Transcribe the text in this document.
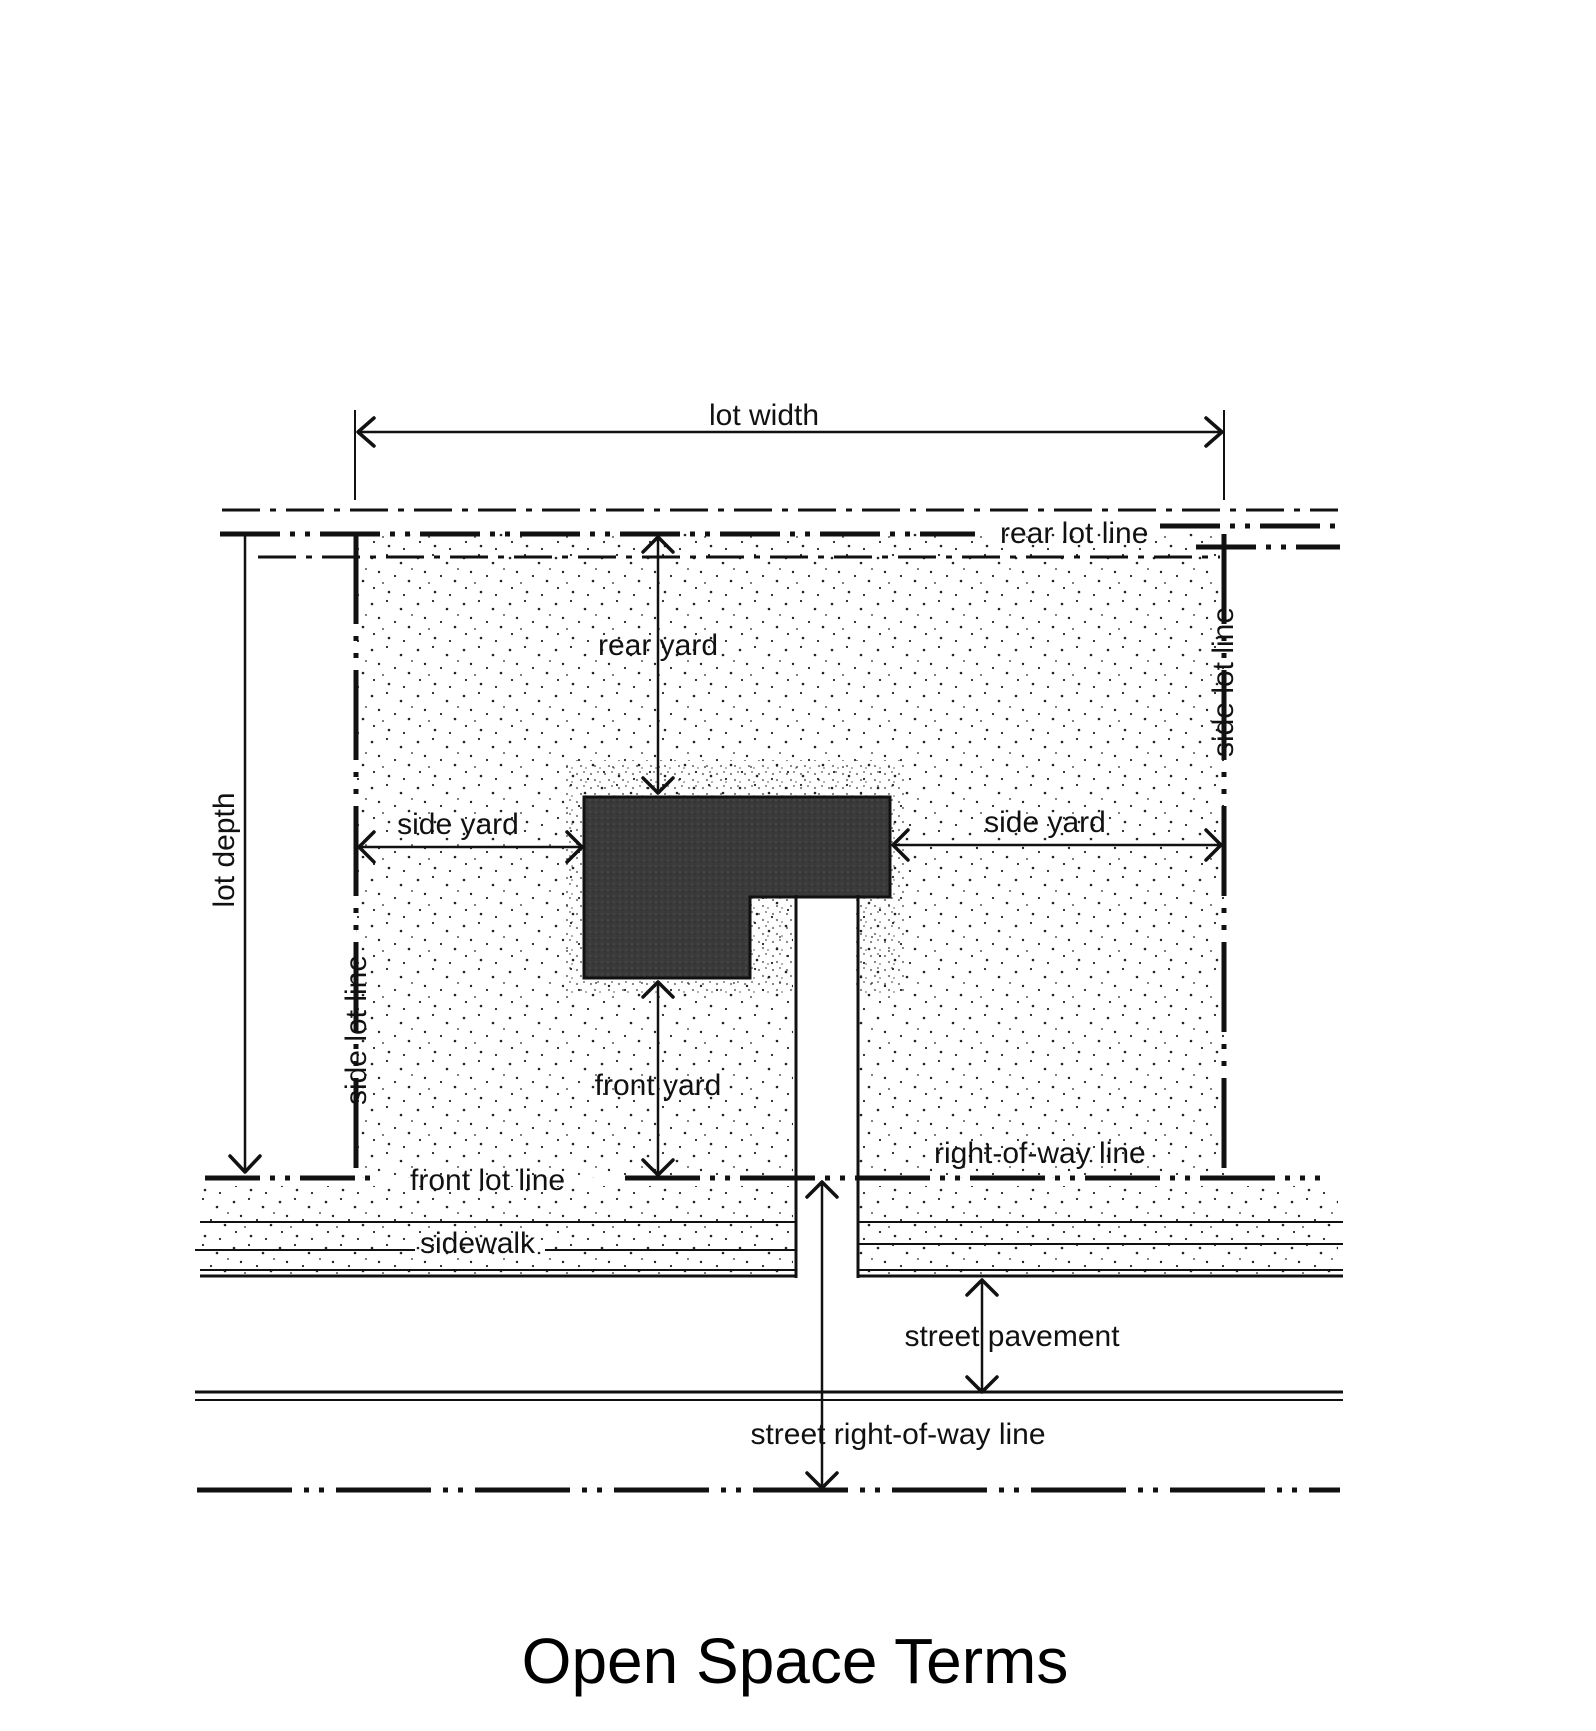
lot width
rear lot line
side lot line
side lot line
lot depth
rear yard
side yard	side yard
front yard
front lot line
right-of-way line
sidewalk
street pavement
street right-of-way line
Open Space Terms
